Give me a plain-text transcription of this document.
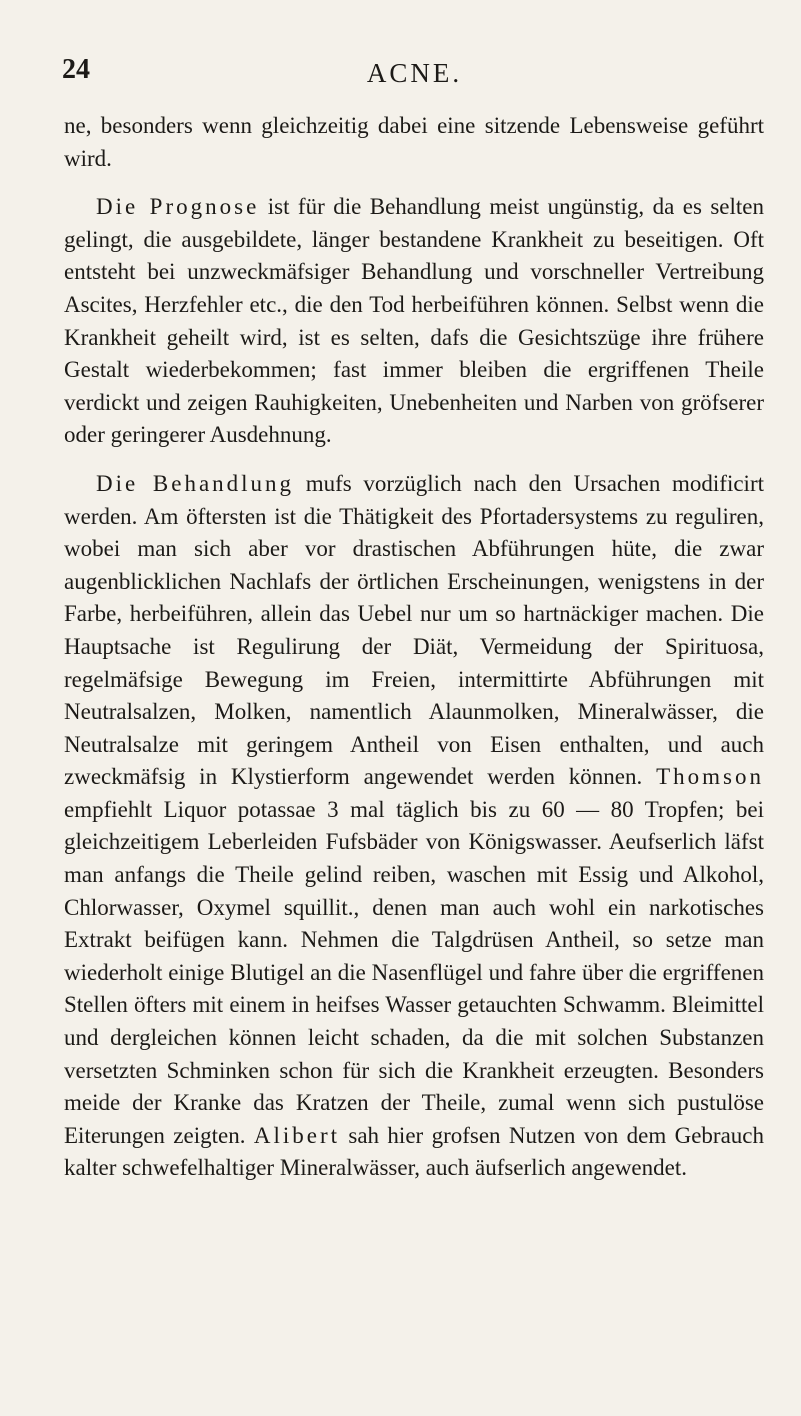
24	ACNE.

ne, besonders wenn gleichzeitig dabei eine sitzende Lebensweise geführt wird.

Die Prognose ist für die Behandlung meist ungünstig, da es selten gelingt, die ausgebildete, länger bestandene Krankheit zu beseitigen. Oft entsteht bei unzweckmäfsiger Behandlung und vorschneller Vertreibung Ascites, Herzfehler etc., die den Tod herbeiführen können. Selbst wenn die Krankheit geheilt wird, ist es selten, dafs die Gesichtszüge ihre frühere Gestalt wiederbekommen; fast immer bleiben die ergriffenen Theile verdickt und zeigen Rauhigkeiten, Unebenheiten und Narben von gröfserer oder geringerer Ausdehnung.

Die Behandlung mufs vorzüglich nach den Ursachen modificirt werden. Am öftersten ist die Thätigkeit des Pfortadersystems zu reguliren, wobei man sich aber vor drastischen Abführungen hüte, die zwar augenblicklichen Nachlafs der örtlichen Erscheinungen, wenigstens in der Farbe, herbeiführen, allein das Uebel nur um so hartnäckiger machen. Die Hauptsache ist Regulirung der Diät, Vermeidung der Spirituosa, regelmäfsige Bewegung im Freien, intermittirte Abführungen mit Neutralsalzen, Molken, namentlich Alaunmolken, Mineralwässer, die Neutralsalze mit geringem Antheil von Eisen enthalten, und auch zweckmäfsig in Klystierform angewendet werden können. Thomson empfiehlt Liquor potassae 3 mal täglich bis zu 60 — 80 Tropfen; bei gleichzeitigem Leberleiden Fufsbäder von Königswasser. Aeufserlich läfst man anfangs die Theile gelind reiben, waschen mit Essig und Alkohol, Chlorwasser, Oxymel squillit., denen man auch wohl ein narkotisches Extrakt beifügen kann. Nehmen die Talgdrüsen Antheil, so setze man wiederholt einige Blutigel an die Nasenflügel und fahre über die ergriffenen Stellen öfters mit einem in heifses Wasser getauchten Schwamm. Bleimittel und dergleichen können leicht schaden, da die mit solchen Substanzen versetzten Schminken schon für sich die Krankheit erzeugten. Besonders meide der Kranke das Kratzen der Theile, zumal wenn sich pustulöse Eiterungen zeigten. Alibert sah hier grofsen Nutzen von dem Gebrauch kalter schwefelhaltiger Mineralwässer, auch äufserlich angewendet.
